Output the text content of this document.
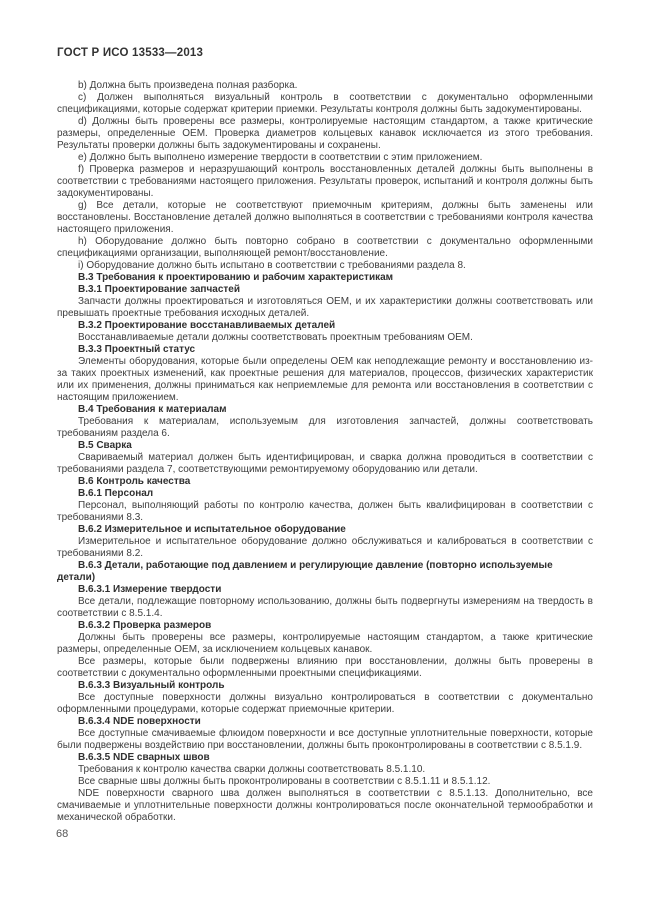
ГОСТ Р ИСО 13533—2013

b) Должна быть произведена полная разборка.

c) Должен выполняться визуальный контроль в соответствии с документально оформленными спецификациями, которые содержат критерии приемки. Результаты контроля должны быть задокументированы.

d) Должны быть проверены все размеры, контролируемые настоящим стандартом, а также критические размеры, определенные OEM. Проверка диаметров кольцевых канавок исключается из этого требования. Результаты проверки должны быть задокументированы и сохранены.

e) Должно быть выполнено измерение твердости в соответствии с этим приложением.

f) Проверка размеров и неразрушающий контроль восстановленных деталей должны быть выполнены в соответствии с требованиями настоящего приложения. Результаты проверок, испытаний и контроля должны быть задокументированы.

g) Все детали, которые не соответствуют приемочным критериям, должны быть заменены или восстановлены. Восстановление деталей должно выполняться в соответствии с требованиями контроля качества настоящего приложения.

h) Оборудование должно быть повторно собрано в соответствии с документально оформленными спецификациями организации, выполняющей ремонт/восстановление.

i) Оборудование должно быть испытано в соответствии с требованиями раздела 8.

В.3 Требования к проектированию и рабочим характеристикам

В.3.1 Проектирование запчастей

Запчасти должны проектироваться и изготовляться OEM, и их характеристики должны соответствовать или превышать проектные требования исходных деталей.

В.3.2 Проектирование восстанавливаемых деталей

Восстанавливаемые детали должны соответствовать проектным требованиям OEM.

В.3.3 Проектный статус

Элементы оборудования, которые были определены OEM как неподлежащие ремонту и восстановлению из-за таких проектных изменений, как проектные решения для материалов, процессов, физических характеристик или их применения, должны приниматься как неприемлемые для ремонта или восстановления в соответствии с настоящим приложением.

В.4 Требования к материалам

Требования к материалам, используемым для изготовления запчастей, должны соответствовать требованиям раздела 6.

В.5 Сварка

Свариваемый материал должен быть идентифицирован, и сварка должна проводиться в соответствии с требованиями раздела 7, соответствующими ремонтируемому оборудованию или детали.

В.6 Контроль качества

В.6.1 Персонал

Персонал, выполняющий работы по контролю качества, должен быть квалифицирован в соответствии с требованиями 8.3.

В.6.2 Измерительное и испытательное оборудование

Измерительное и испытательное оборудование должно обслуживаться и калиброваться в соответствии с требованиями 8.2.

В.6.3 Детали, работающие под давлением и регулирующие давление (повторно используемые детали)

В.6.3.1 Измерение твердости

Все детали, подлежащие повторному использованию, должны быть подвергнуты измерениям на твердость в соответствии с 8.5.1.4.

В.6.3.2 Проверка размеров

Должны быть проверены все размеры, контролируемые настоящим стандартом, а также критические размеры, определенные OEM, за исключением кольцевых канавок.

Все размеры, которые были подвержены влиянию при восстановлении, должны быть проверены в соответствии с документально оформленными проектными спецификациями.

В.6.3.3 Визуальный контроль

Все доступные поверхности должны визуально контролироваться в соответствии с документально оформленными процедурами, которые содержат приемочные критерии.

В.6.3.4 NDE поверхности

Все доступные смачиваемые флюидом поверхности и все доступные уплотнительные поверхности, которые были подвержены воздействию при восстановлении, должны быть проконтролированы в соответствии с 8.5.1.9.

В.6.3.5 NDE сварных швов

Требования к контролю качества сварки должны соответствовать 8.5.1.10.

Все сварные швы должны быть проконтролированы в соответствии с 8.5.1.11 и 8.5.1.12.

NDE поверхности сварного шва должен выполняться в соответствии с 8.5.1.13. Дополнительно, все смачиваемые и уплотнительные поверхности должны контролироваться после окончательной термообработки и механической обработки.

68
